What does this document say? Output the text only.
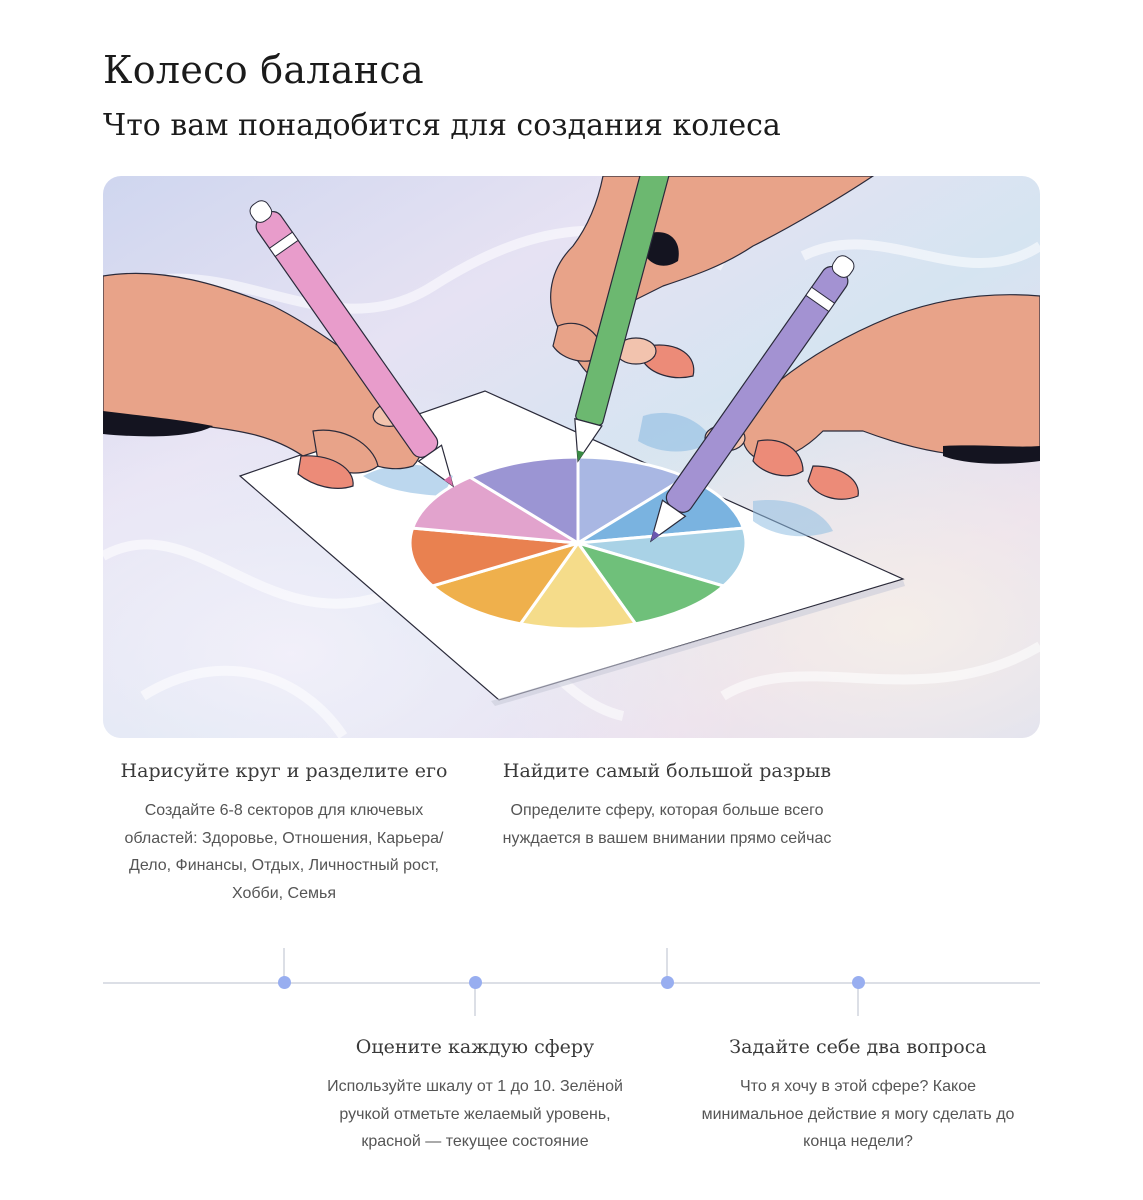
Колесо баланса
Что вам понадобится для создания колеса

Нарисуйте круг и разделите его

Создайте 6-8 секторов для ключевых областей: Здоровье, Отношения, Карьера/Дело, Финансы, Отдых, Личностный рост, Хобби, Семья

Найдите самый большой разрыв

Определите сферу, которая больше всего нуждается в вашем внимании прямо сейчас

Оцените каждую сферу

Используйте шкалу от 1 до 10. Зелёной ручкой отметьте желаемый уровень, красной — текущее состояние

Задайте себе два вопроса

Что я хочу в этой сфере? Какое минимальное действие я могу сделать до конца недели?
